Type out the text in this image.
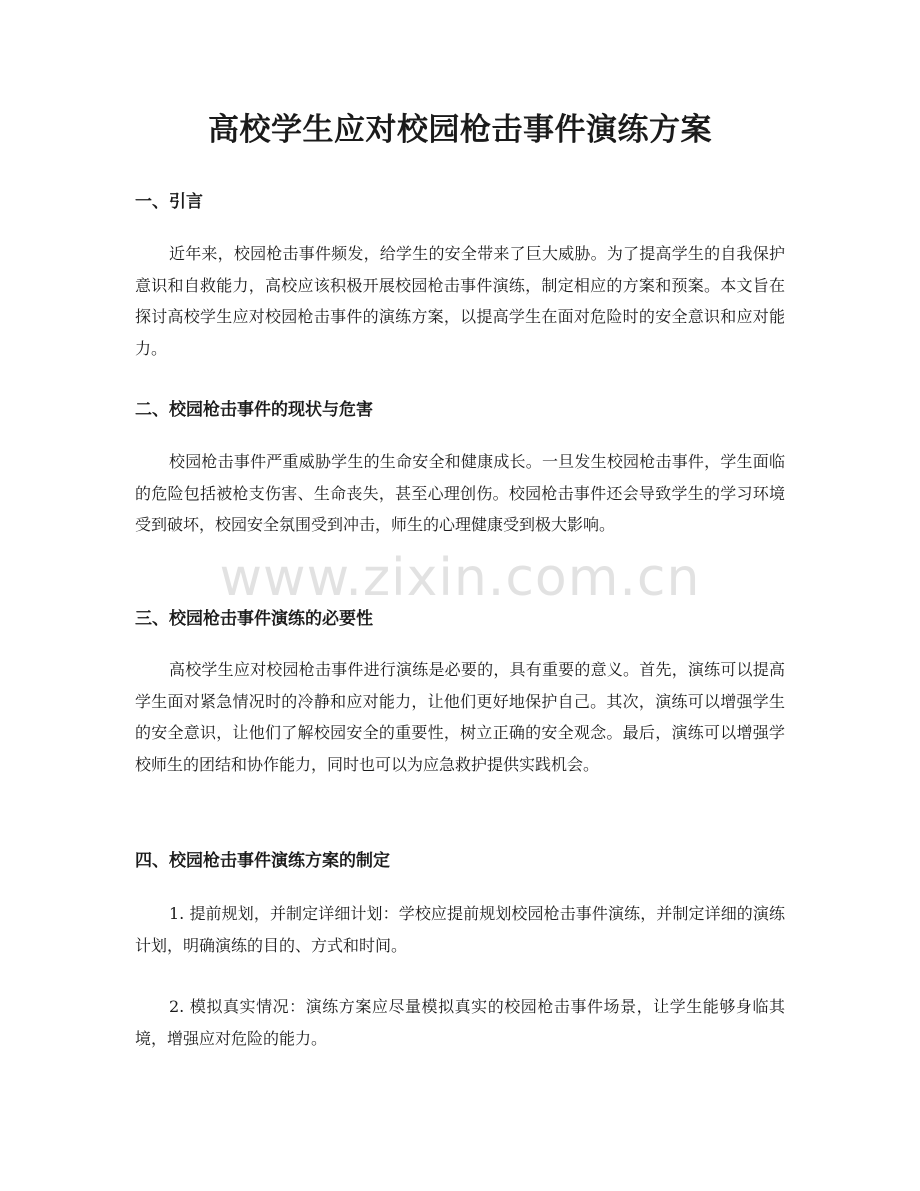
高校学生应对校园枪击事件演练方案
一、引言

近年来，校园枪击事件频发，给学生的安全带来了巨大威胁。为了提高学生的自我保护意识和自救能力，高校应该积极开展校园枪击事件演练，制定相应的方案和预案。本文旨在探讨高校学生应对校园枪击事件的演练方案，以提高学生在面对危险时的安全意识和应对能力。

二、校园枪击事件的现状与危害

校园枪击事件严重威胁学生的生命安全和健康成长。一旦发生校园枪击事件，学生面临的危险包括被枪支伤害、生命丧失，甚至心理创伤。校园枪击事件还会导致学生的学习环境受到破坏，校园安全氛围受到冲击，师生的心理健康受到极大影响。

三、校园枪击事件演练的必要性

高校学生应对校园枪击事件进行演练是必要的，具有重要的意义。首先，演练可以提高学生面对紧急情况时的冷静和应对能力，让他们更好地保护自己。其次，演练可以增强学生的安全意识，让他们了解校园安全的重要性，树立正确的安全观念。最后，演练可以增强学校师生的团结和协作能力，同时也可以为应急救护提供实践机会。

四、校园枪击事件演练方案的制定

1. 提前规划，并制定详细计划：学校应提前规划校园枪击事件演练，并制定详细的演练计划，明确演练的目的、方式和时间。

2. 模拟真实情况：演练方案应尽量模拟真实的校园枪击事件场景，让学生能够身临其境，增强应对危险的能力。

www.zixin.com.cn
